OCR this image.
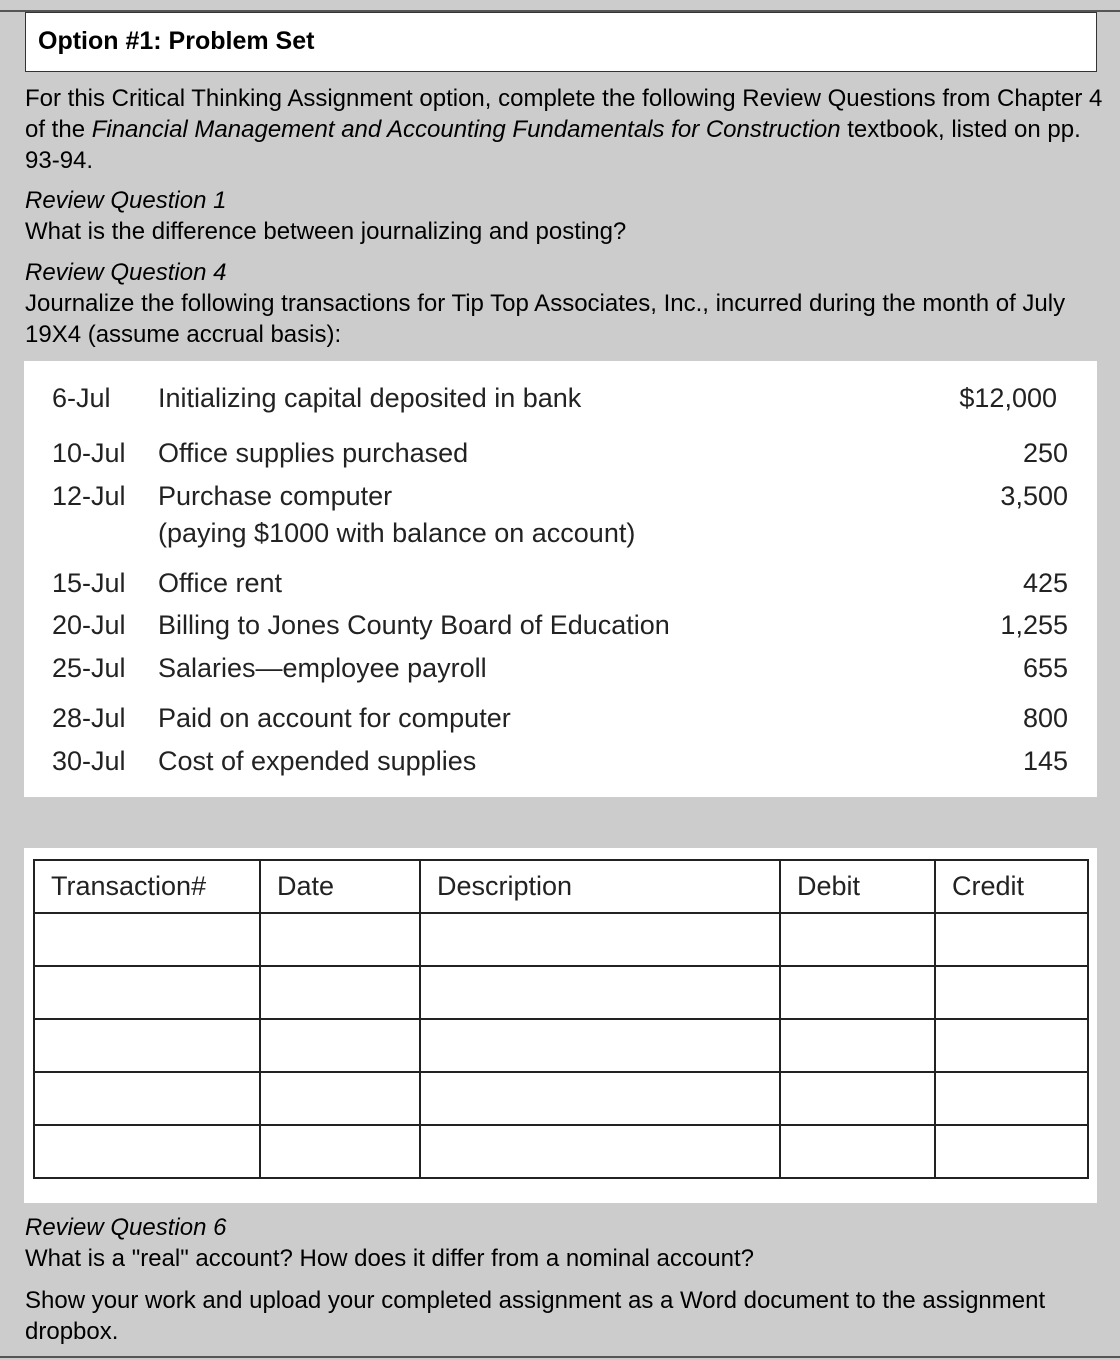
Option #1: Problem Set
For this Critical Thinking Assignment option, complete the following Review Questions from Chapter 4 of the Financial Management and Accounting Fundamentals for Construction textbook, listed on pp. 93-94.
Review Question 1
What is the difference between journalizing and posting?
Review Question 4
Journalize the following transactions for Tip Top Associates, Inc., incurred during the month of July 19X4 (assume accrual basis):
6-Jul Initializing capital deposited in bank	$12,000
10-Jul Office supplies purchased	250
12-Jul Purchase computer	3,500
(paying $1000 with balance on account)
15-Jul Office rent	425
20-Jul Billing to Jones County Board of Education	1,255
25-Jul Salaries—employee payroll	655
28-Jul Paid on account for computer	800
30-Jul Cost of expended supplies	145
Transaction#	Date	Description	Debit	Credit

Review Question 6
What is a "real" account? How does it differ from a nominal account?
Show your work and upload your completed assignment as a Word document to the assignment dropbox.
